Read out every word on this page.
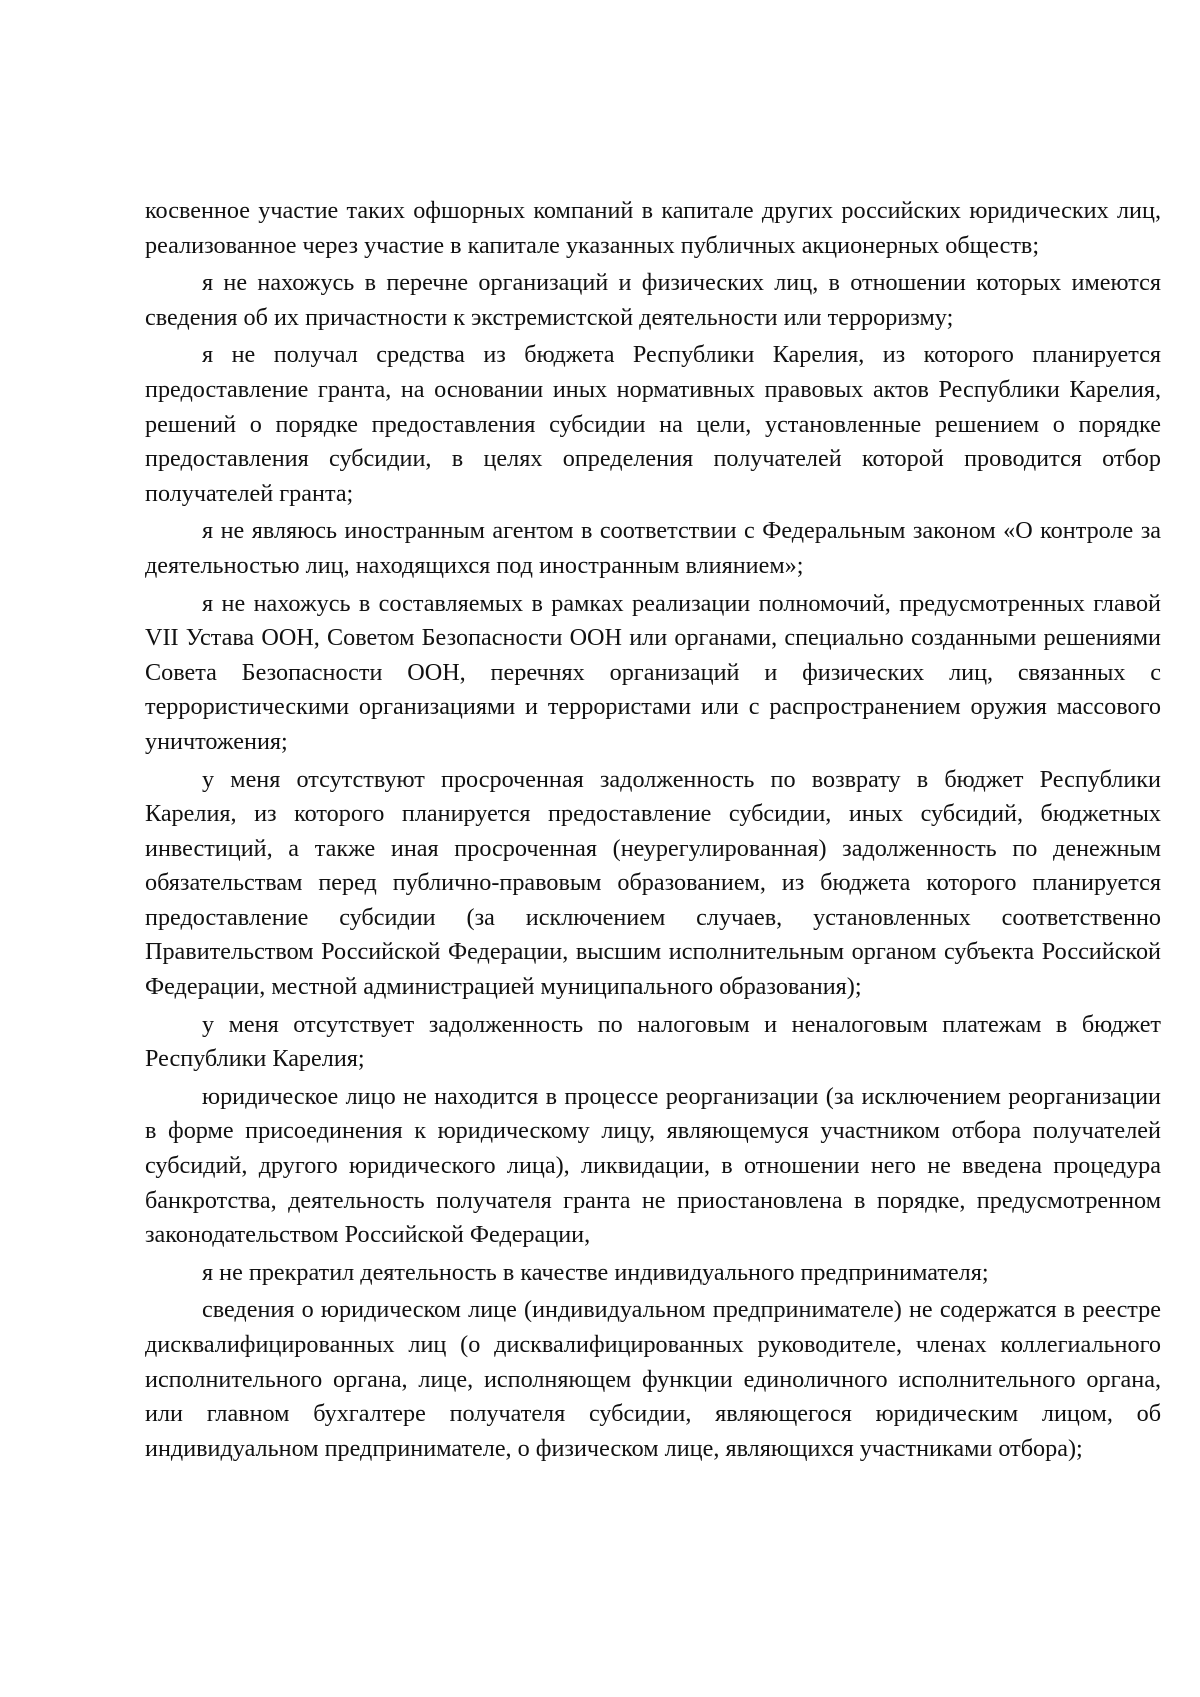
косвенное участие таких офшорных компаний в капитале других российских юридических лиц, реализованное через участие в капитале указанных публичных акционерных обществ;

я не нахожусь в перечне организаций и физических лиц, в отношении которых имеются сведения об их причастности к экстремистской деятельности или терроризму;

я не получал средства из бюджета Республики Карелия, из которого планируется предоставление гранта, на основании иных нормативных правовых актов Республики Карелия, решений о порядке предоставления субсидии на цели, установленные решением о порядке предоставления субсидии, в целях определения получателей которой проводится отбор получателей гранта;

я не являюсь иностранным агентом в соответствии с Федеральным законом «О контроле за деятельностью лиц, находящихся под иностранным влиянием»;

я не нахожусь в составляемых в рамках реализации полномочий, предусмотренных главой VII Устава ООН, Советом Безопасности ООН или органами, специально созданными решениями Совета Безопасности ООН, перечнях организаций и физических лиц, связанных с террористическими организациями и террористами или с распространением оружия массового уничтожения;

у меня отсутствуют просроченная задолженность по возврату в бюджет Республики Карелия, из которого планируется предоставление субсидии, иных субсидий, бюджетных инвестиций, а также иная просроченная (неурегулированная) задолженность по денежным обязательствам перед публично-правовым образованием, из бюджета которого планируется предоставление субсидии (за исключением случаев, установленных соответственно Правительством Российской Федерации, высшим исполнительным органом субъекта Российской Федерации, местной администрацией муниципального образования);

у меня отсутствует задолженность по налоговым и неналоговым платежам в бюджет Республики Карелия;

юридическое лицо не находится в процессе реорганизации (за исключением реорганизации в форме присоединения к юридическому лицу, являющемуся участником отбора получателей субсидий, другого юридического лица), ликвидации, в отношении него не введена процедура банкротства, деятельность получателя гранта не приостановлена в порядке, предусмотренном законодательством Российской Федерации,

я не прекратил деятельность в качестве индивидуального предпринимателя;

сведения о юридическом лице (индивидуальном предпринимателе) не содержатся в реестре дисквалифицированных лиц (о дисквалифицированных руководителе, членах коллегиального исполнительного органа, лице, исполняющем функции единоличного исполнительного органа, или главном бухгалтере получателя субсидии, являющегося юридическим лицом, об индивидуальном предпринимателе, о физическом лице, являющихся участниками отбора);
